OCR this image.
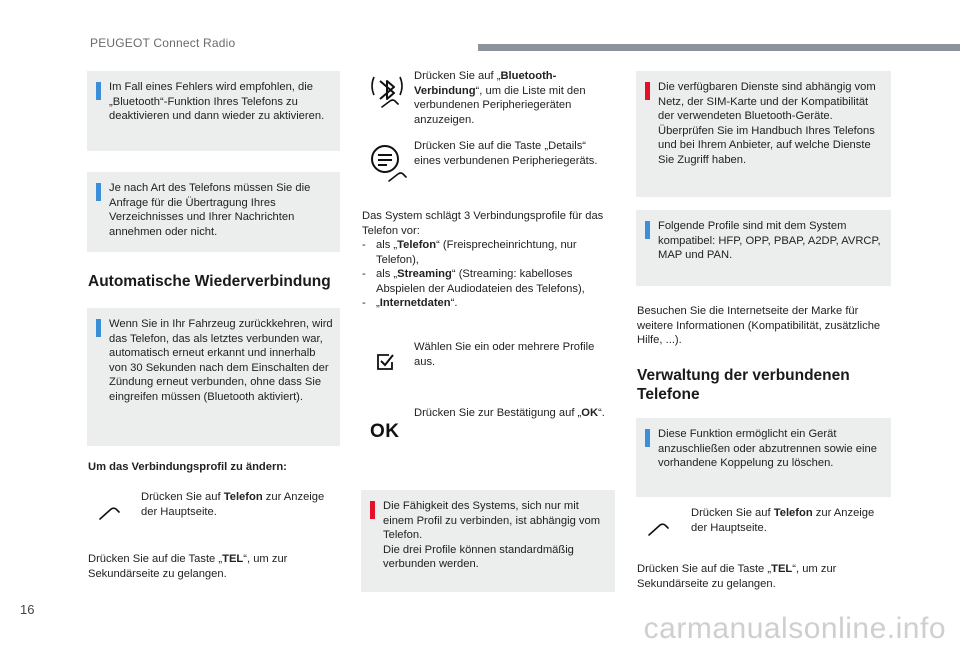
PEUGEOT Connect Radio
Im Fall eines Fehlers wird empfohlen, die „Bluetooth“-Funktion Ihres Telefons zu deaktivieren und dann wieder zu aktivieren.
Je nach Art des Telefons müssen Sie die Anfrage für die Übertragung Ihres Verzeichnisses und Ihrer Nachrichten annehmen oder nicht.
Automatische Wiederverbindung
Wenn Sie in Ihr Fahrzeug zurückkehren, wird das Telefon, das als letztes verbunden war, automatisch erneut erkannt und innerhalb von 30 Sekunden nach dem Einschalten der Zündung erneut verbunden, ohne dass Sie eingreifen müssen (Bluetooth aktiviert).
Um das Verbindungsprofil zu ändern:
Drücken Sie auf Telefon zur Anzeige der Hauptseite.
Drücken Sie auf die Taste „TEL“, um zur Sekundärseite zu gelangen.
Drücken Sie auf „Bluetooth-Verbindung“, um die Liste mit den verbundenen Peripheriegeräten anzuzeigen.
Drücken Sie auf die Taste „Details“ eines verbundenen Peripheriegeräts.
Das System schlägt 3 Verbindungsprofile für das Telefon vor:
- als „Telefon“ (Freisprecheinrichtung, nur Telefon),
- als „Streaming“ (Streaming: kabelloses Abspielen der Audiodateien des Telefons),
- „Internetdaten“.
Wählen Sie ein oder mehrere Profile aus.
OK
Drücken Sie zur Bestätigung auf „OK“.
Die Fähigkeit des Systems, sich nur mit einem Profil zu verbinden, ist abhängig vom Telefon.
Die drei Profile können standardmäßig verbunden werden.
Die verfügbaren Dienste sind abhängig vom Netz, der SIM-Karte und der Kompatibilität der verwendeten Bluetooth-Geräte. Überprüfen Sie im Handbuch Ihres Telefons und bei Ihrem Anbieter, auf welche Dienste Sie Zugriff haben.
Folgende Profile sind mit dem System kompatibel: HFP, OPP, PBAP, A2DP, AVRCP, MAP und PAN.
Besuchen Sie die Internetseite der Marke für weitere Informationen (Kompatibilität, zusätzliche Hilfe, ...).
Verwaltung der verbundenen Telefone
Diese Funktion ermöglicht ein Gerät anzuschließen oder abzutrennen sowie eine vorhandene Koppelung zu löschen.
Drücken Sie auf Telefon zur Anzeige der Hauptseite.
Drücken Sie auf die Taste „TEL“, um zur Sekundärseite zu gelangen.
16
carmanualsonline.info
